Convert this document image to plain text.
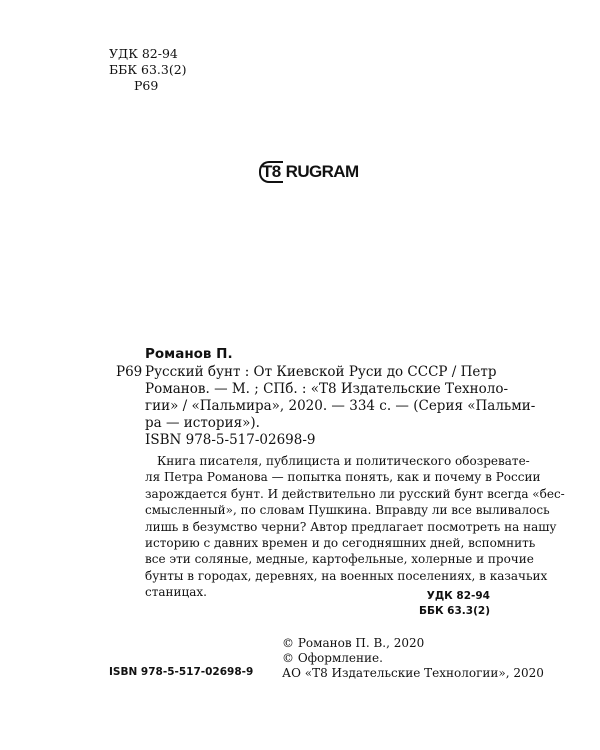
УДК 82-94
ББК 63.3(2)
Р69
T8 RUGRAM
Романов П.
Р69 Русский бунт : От Киевской Руси до СССР / Петр
Романов. — М. ; СПб. : «Т8 Издательские Техноло-
гии» / «Пальмира», 2020. — 334 с. — (Серия «Пальми-
ра — история»).
ISBN 978-5-517-02698-9
Книга писателя, публициста и политического обозревате-
ля Петра Романова — попытка понять, как и почему в России
зарождается бунт. И действительно ли русский бунт всегда «бес-
смысленный», по словам Пушкина. Вправду ли все выливалось
лишь в безумство черни? Автор предлагает посмотреть на нашу
историю с давних времен и до сегодняшних дней, вспомнить
все эти соляные, медные, картофельные, холерные и прочие
бунты в городах, деревнях, на военных поселениях, в казачьих
станицах.	УДК 82-94
ББК 63.3(2)
© Романов П. В., 2020
© Оформление.
АО «Т8 Издательские Технологии», 2020
ISBN 978-5-517-02698-9
